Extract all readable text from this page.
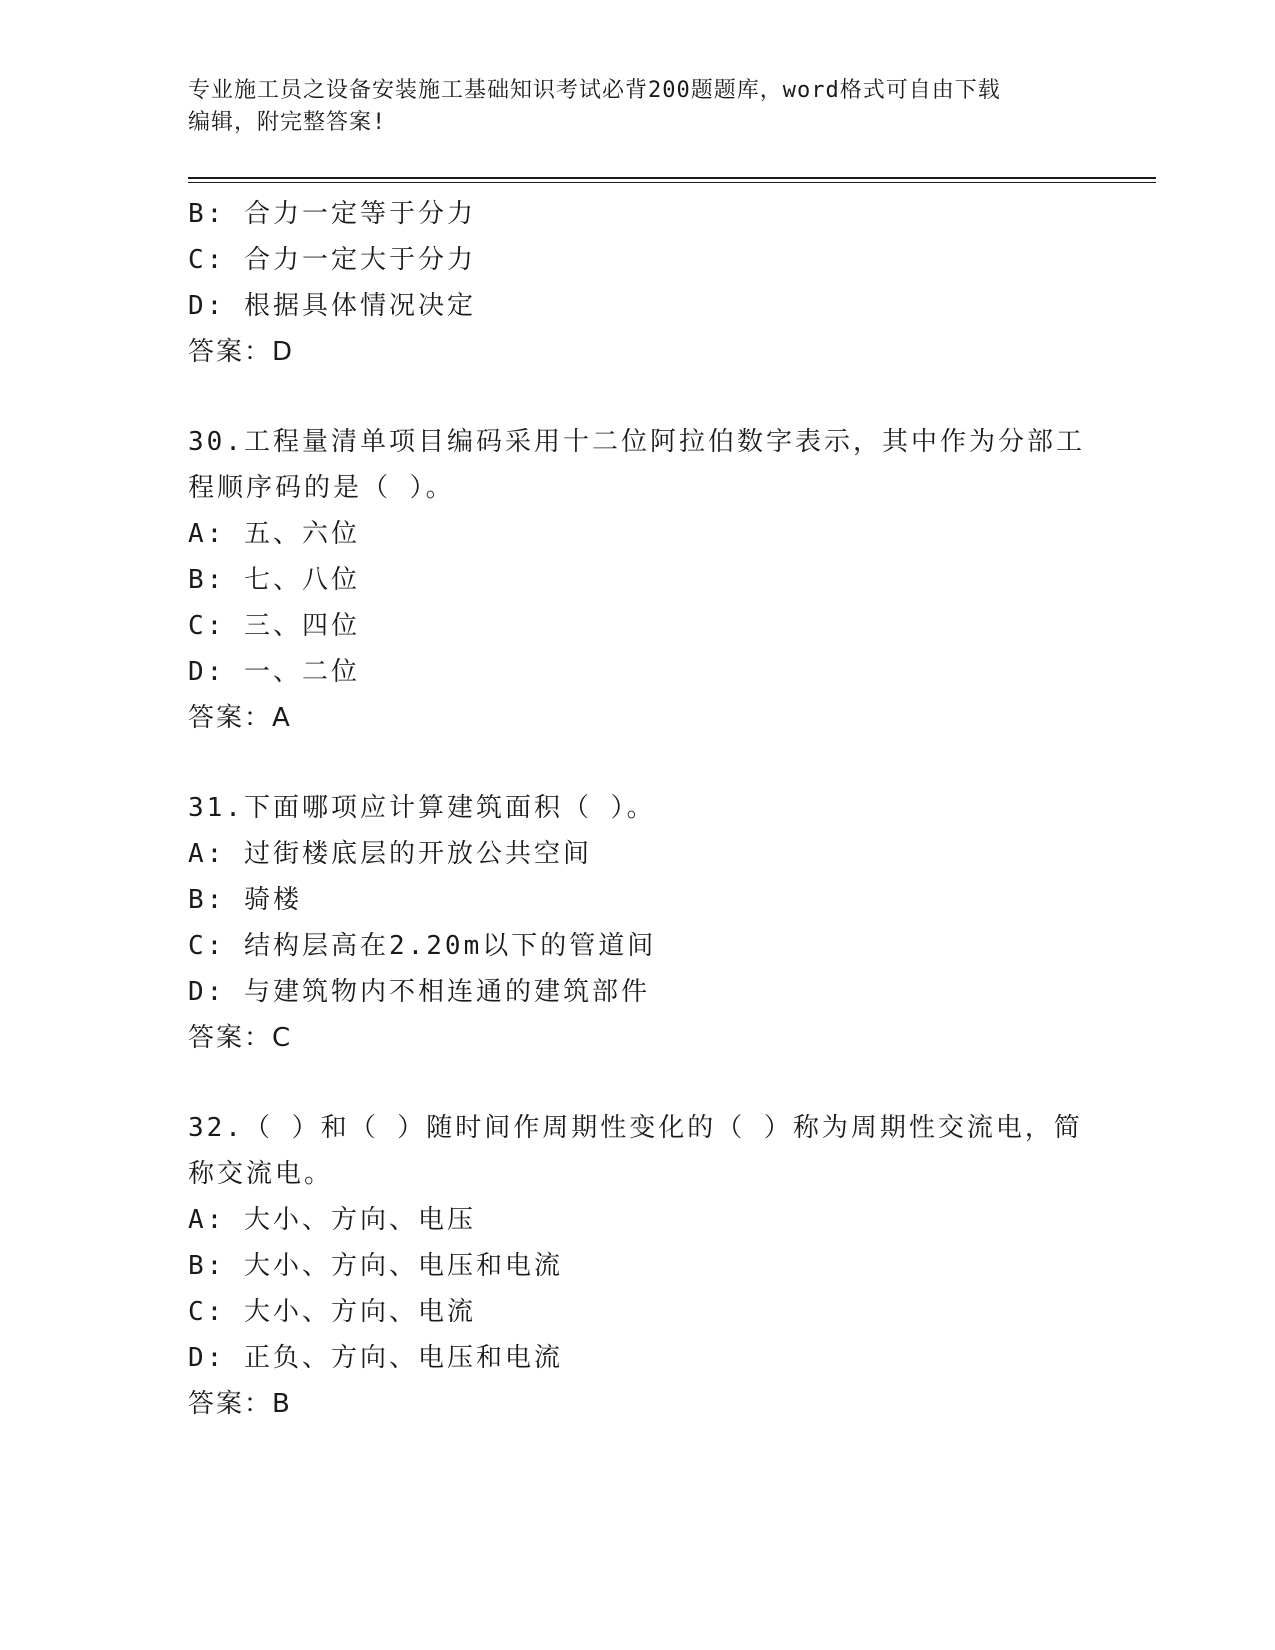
专业施工员之设备安装施工基础知识考试必背200题题库，word格式可自由下载
编辑，附完整答案!
B: 合力一定等于分力
C: 合力一定大于分力
D: 根据具体情况决定
答案：D
30.工程量清单项目编码采用十二位阿拉伯数字表示，其中作为分部工
程顺序码的是（ ）。
A: 五、六位
B: 七、八位
C: 三、四位
D: 一、二位
答案：A
31.下面哪项应计算建筑面积（ ）。
A: 过街楼底层的开放公共空间
B: 骑楼
C: 结构层高在2.20m以下的管道间
D: 与建筑物内不相连通的建筑部件
答案：C
32.（ ）和（ ）随时间作周期性变化的（ ）称为周期性交流电，简
称交流电。
A: 大小、方向、电压
B: 大小、方向、电压和电流
C: 大小、方向、电流
D: 正负、方向、电压和电流
答案：B
